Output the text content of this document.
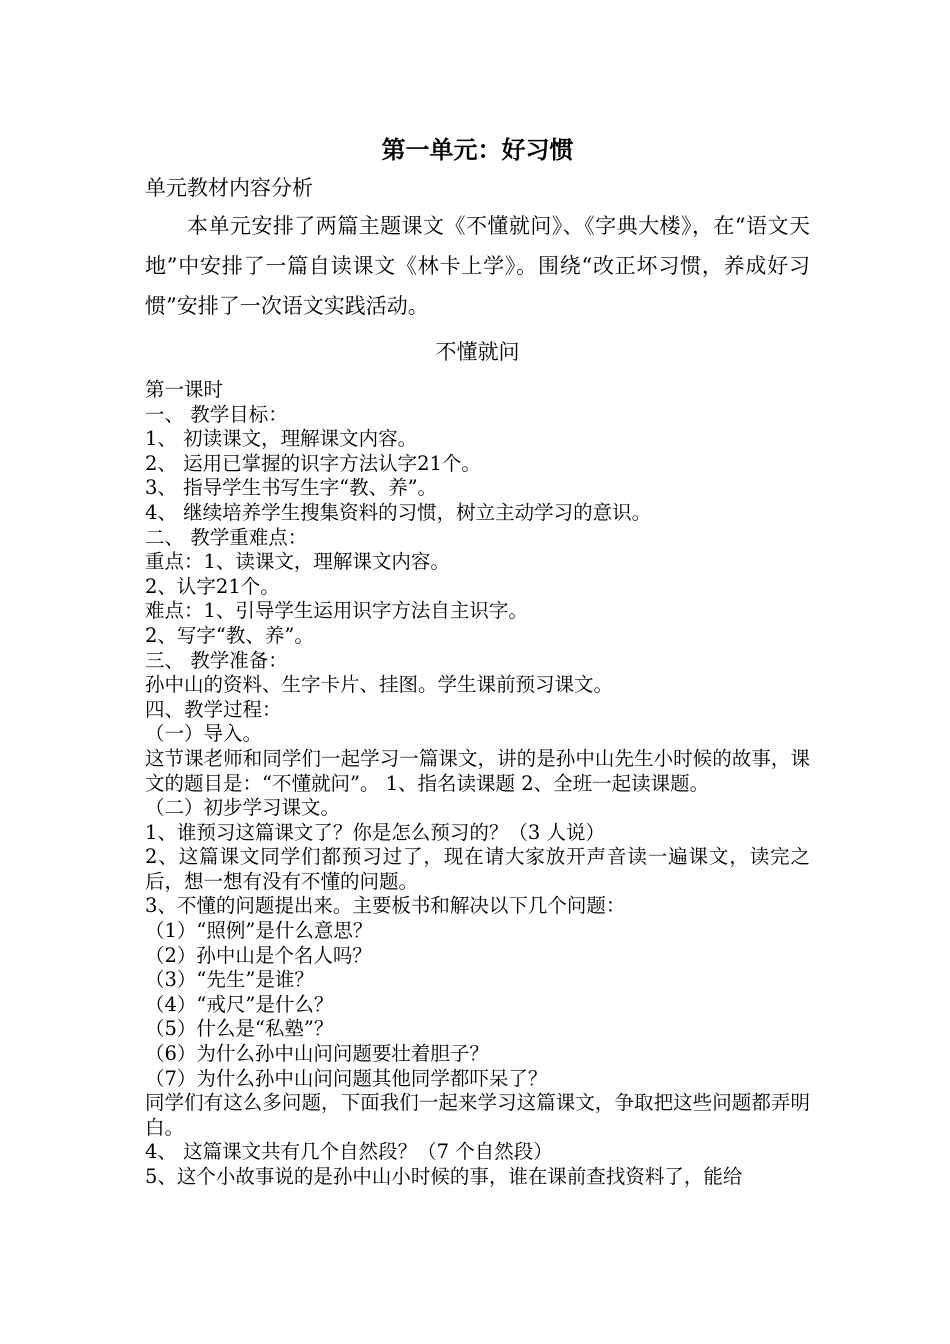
第一单元：好习惯

单元教材内容分析

本单元安排了两篇主题课文《不懂就问》、《字典大楼》，在“语文天地”中安排了一篇自读课文《林卡上学》。围绕“改正坏习惯，养成好习惯”安排了一次语文实践活动。

不懂就问

第一课时

一、 教学目标：

1、 初读课文，理解课文内容。

2、 运用已掌握的识字方法认字21个。

3、 指导学生书写生字“教、养”。

4、 继续培养学生搜集资料的习惯，树立主动学习的意识。

二、 教学重难点：

重点：1、读课文，理解课文内容。

2、认字21个。

难点：1、引导学生运用识字方法自主识字。

2、写字“教、养”。

三、 教学准备：

孙中山的资料、生字卡片、挂图。学生课前预习课文。

四、教学过程：

（一）导入。

这节课老师和同学们一起学习一篇课文，讲的是孙中山先生小时候的故事，课文的题目是：“不懂就问”。 1、指名读课题 2、全班一起读课题。

（二）初步学习课文。

1、谁预习这篇课文了？你是怎么预习的？（3 人说）

2、这篇课文同学们都预习过了，现在请大家放开声音读一遍课文，读完之后，想一想有没有不懂的问题。

3、不懂的问题提出来。主要板书和解决以下几个问题：

（1）“照例”是什么意思？

（2）孙中山是个名人吗？

（3）“先生”是谁？

（4）“戒尺”是什么？

（5）什么是“私塾”？

（6）为什么孙中山问问题要壮着胆子？

（7）为什么孙中山问问题其他同学都吓呆了？

同学们有这么多问题，下面我们一起来学习这篇课文，争取把这些问题都弄明白。

4、 这篇课文共有几个自然段？（7 个自然段）

5、这个小故事说的是孙中山小时候的事，谁在课前查找资料了，能给
